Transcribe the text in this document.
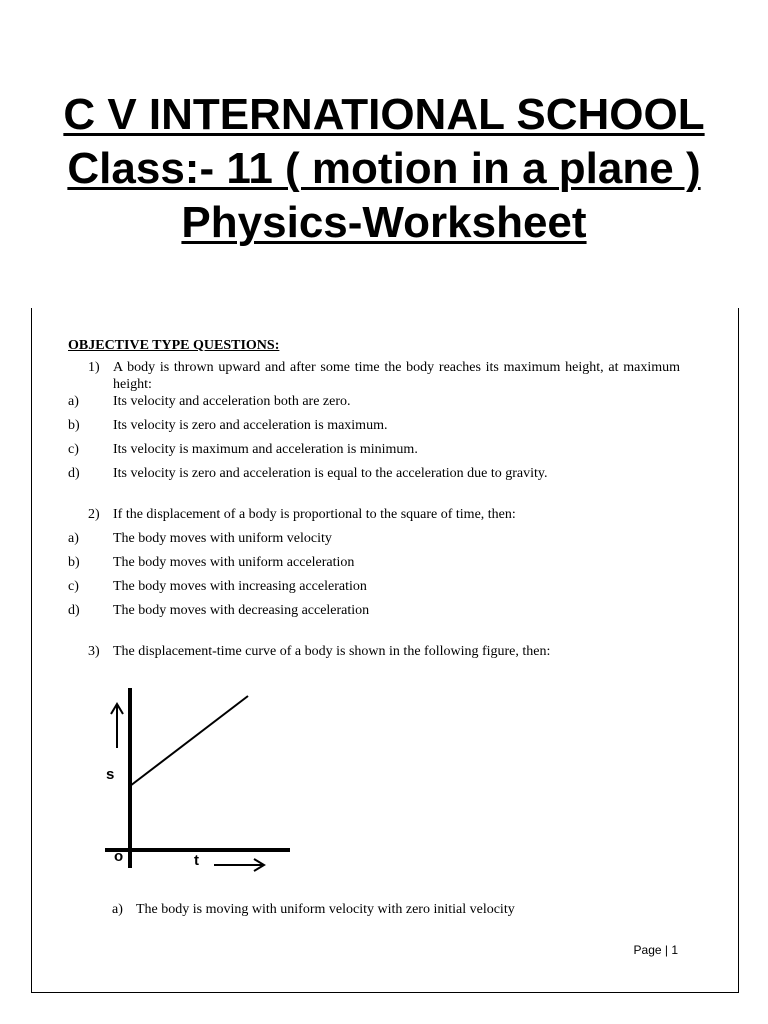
C V INTERNATIONAL SCHOOL
Class:- 11 ( motion in a plane )
Physics-Worksheet
OBJECTIVE TYPE QUESTIONS:
1) A body is thrown upward and after some time the body reaches its maximum height, at maximum height:
a)	Its velocity and acceleration both are zero.
b)	Its velocity is zero and acceleration is maximum.
c)	Its velocity is maximum and acceleration is minimum.
d)	Its velocity is zero and acceleration is equal to the acceleration due to gravity.
2) If the displacement of a body is proportional to the square of time, then:
a)	The body moves with uniform velocity
b)	The body moves with uniform acceleration
c)	The body moves with increasing acceleration
d)	The body moves with decreasing acceleration
3) The displacement-time curve of a body is shown in the following figure, then:
s
o	t
a) The body is moving with uniform velocity with zero initial velocity
Page | 1
